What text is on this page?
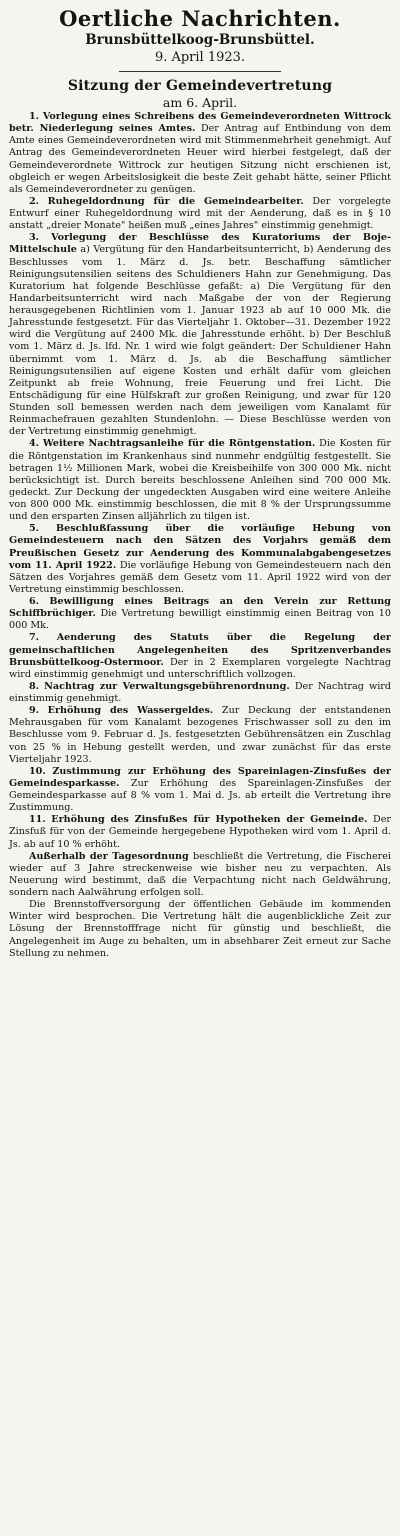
Oertliche Nachrichten.
Brunsbüttelkoog-Brunsbüttel.
9. April 1923.
Sitzung der Gemeindevertretung
am 6. April.

1. Vorlegung eines Schreibens des Gemeindeverordneten Wittrock betr. Niederlegung seines Amtes. Der Antrag auf Entbindung von dem Amte eines Gemeindeverordneten wird mit Stimmenmehrheit genehmigt. Auf Antrag des Gemeindeverordneten Heuer wird hierbei festgelegt, daß der Gemeindeverordnete Wittrock zur heutigen Sitzung nicht erschienen ist, obgleich er wegen Arbeitslosigkeit die beste Zeit gehabt hätte, seiner Pflicht als Gemeindeverordneter zu genügen.

2. Ruhegeldordnung für die Gemeindearbeiter. Der vorgelegte Entwurf einer Ruhegeldordnung wird mit der Aenderung, daß es in § 10 anstatt „dreier Monate" heißen muß „eines Jahres" einstimmig genehmigt.

3. Vorlegung der Beschlüsse des Kuratoriums der Boje-Mittelschule a) Vergütung für den Handarbeitsunterricht, b) Aenderung des Beschlusses vom 1. März d. Js. betr. Beschaffung sämtlicher Reinigungsutensilien seitens des Schuldieners Hahn zur Genehmigung. Das Kuratorium hat folgende Beschlüsse gefaßt: a) Die Vergütung für den Handarbeitsunterricht wird nach Maßgabe der von der Regierung herausgegebenen Richtlinien vom 1. Januar 1923 ab auf 10 000 Mk. die Jahresstunde festgesetzt. Für das Vierteljahr 1. Oktober—31. Dezember 1922 wird die Vergütung auf 2400 Mk. die Jahresstunde erhöht. b) Der Beschluß vom 1. März d. Js. lfd. Nr. 1 wird wie folgt geändert: Der Schuldiener Hahn übernimmt vom 1. März d. Js. ab die Beschaffung sämtlicher Reinigungsutensilien auf eigene Kosten und erhält dafür vom gleichen Zeitpunkt ab freie Wohnung, freie Feuerung und frei Licht. Die Entschädigung für eine Hülfskraft zur großen Reinigung, und zwar für 120 Stunden soll bemessen werden nach dem jeweiligen vom Kanalamt für Reinmachefrauen gezahlten Stundenlohn. — Diese Beschlüsse werden von der Vertretung einstimmig genehmigt.

4. Weitere Nachtragsanleihe für die Röntgenstation. Die Kosten für die Röntgenstation im Krankenhaus sind nunmehr endgültig festgestellt. Sie betragen 1½ Millionen Mark, wobei die Kreisbeihilfe von 300 000 Mk. nicht berücksichtigt ist. Durch bereits beschlossene Anleihen sind 700 000 Mk. gedeckt. Zur Deckung der ungedeckten Ausgaben wird eine weitere Anleihe von 800 000 Mk. einstimmig beschlossen, die mit 8 % der Ursprungssumme und den ersparten Zinsen alljährlich zu tilgen ist.

5. Beschlußfassung über die vorläufige Hebung von Gemeindesteuern nach den Sätzen des Vorjahrs gemäß dem Preußischen Gesetz zur Aenderung des Kommunalabgabengesetzes vom 11. April 1922. Die vorläufige Hebung von Gemeindesteuern nach den Sätzen des Vorjahres gemäß dem Gesetz vom 11. April 1922 wird von der Vertretung einstimmig beschlossen.

6. Bewilligung eines Beitrags an den Verein zur Rettung Schiffbrüchiger. Die Vertretung bewilligt einstimmig einen Beitrag von 10 000 Mk.

7. Aenderung des Statuts über die Regelung der gemeinschaftlichen Angelegenheiten des Spritzenverbandes Brunsbüttelkoog-Ostermoor. Der in 2 Exemplaren vorgelegte Nachtrag wird einstimmig genehmigt und unterschriftlich vollzogen.

8. Nachtrag zur Verwaltungsgebührenordnung. Der Nachtrag wird einstimmig genehmigt.

9. Erhöhung des Wassergeldes. Zur Deckung der entstandenen Mehrausgaben für vom Kanalamt bezogenes Frischwasser soll zu den im Beschlusse vom 9. Februar d. Js. festgesetzten Gebührensätzen ein Zuschlag von 25 % in Hebung gestellt werden, und zwar zunächst für das erste Vierteljahr 1923.

10. Zustimmung zur Erhöhung des Spareinlagen-Zinsfußes der Gemeindesparkasse. Zur Erhöhung des Spareinlagen-Zinsfußes der Gemeindesparkasse auf 8 % vom 1. Mai d. Js. ab erteilt die Vertretung ihre Zustimmung.

11. Erhöhung des Zinsfußes für Hypotheken der Gemeinde. Der Zinsfuß für von der Gemeinde hergegebene Hypotheken wird vom 1. April d. Js. ab auf 10 % erhöht.

Außerhalb der Tagesordnung beschließt die Vertretung, die Fischerei wieder auf 3 Jahre streckenweise wie bisher neu zu verpachten. Als Neuerung wird bestimmt, daß die Verpachtung nicht nach Geldwährung, sondern nach Aalwährung erfolgen soll.

Die Brennstoffversorgung der öffentlichen Gebäude im kommenden Winter wird besprochen. Die Vertretung hält die augenblickliche Zeit zur Lösung der Brennstofffrage nicht für günstig und beschließt, die Angelegenheit im Auge zu behalten, um in absehbarer Zeit erneut zur Sache Stellung zu nehmen.
